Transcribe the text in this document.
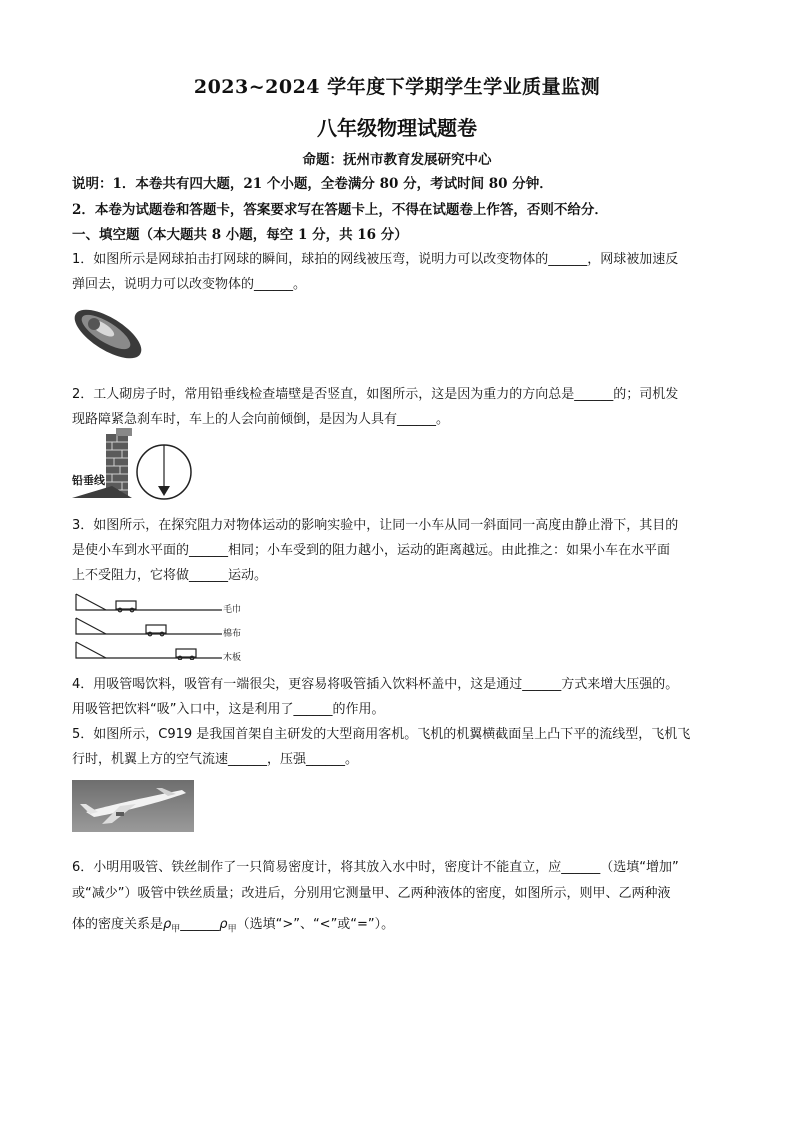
2023~2024 学年度下学期学生学业质量监测
八年级物理试题卷
命题：抚州市教育发展研究中心
说明：1．本卷共有四大题，21 个小题，全卷满分 80 分，考试时间 80 分钟．
2．本卷为试题卷和答题卡，答案要求写在答题卡上，不得在试题卷上作答，否则不给分．
一、填空题（本大题共 8 小题，每空 1 分，共 16 分）
1．如图所示是网球拍击打网球的瞬间，球拍的网线被压弯，说明力可以改变物体的______，网球被加速反
弹回去，说明力可以改变物体的______。
2．工人砌房子时，常用铅垂线检查墙壁是否竖直，如图所示，这是因为重力的方向总是______的；司机发
现路障紧急刹车时，车上的人会向前倾倒，是因为人具有______。
铅垂线
3．如图所示，在探究阻力对物体运动的影响实验中，让同一小车从同一斜面同一高度由静止滑下，其目的
是使小车到水平面的______相同；小车受到的阻力越小，运动的距离越远。由此推之：如果小车在水平面
上不受阻力，它将做______运动。
毛巾
棉布
木板
4．用吸管喝饮料，吸管有一端很尖，更容易将吸管插入饮料杯盖中，这是通过______方式来增大压强的。
用吸管把饮料“吸”入口中，这是利用了______的作用。
5．如图所示，C919 是我国首架自主研发的大型商用客机。飞机的机翼横截面呈上凸下平的流线型，飞机飞
行时，机翼上方的空气流速______，压强______。
6．小明用吸管、铁丝制作了一只简易密度计，将其放入水中时，密度计不能直立，应______（选填“增加”
或“减少”）吸管中铁丝质量；改进后，分别用它测量甲、乙两种液体的密度，如图所示，则甲、乙两种液
体的密度关系是$\rho_甲\_\_\_\_\_\_\rho_甲$（选填“>”、“<”或“=”）。
